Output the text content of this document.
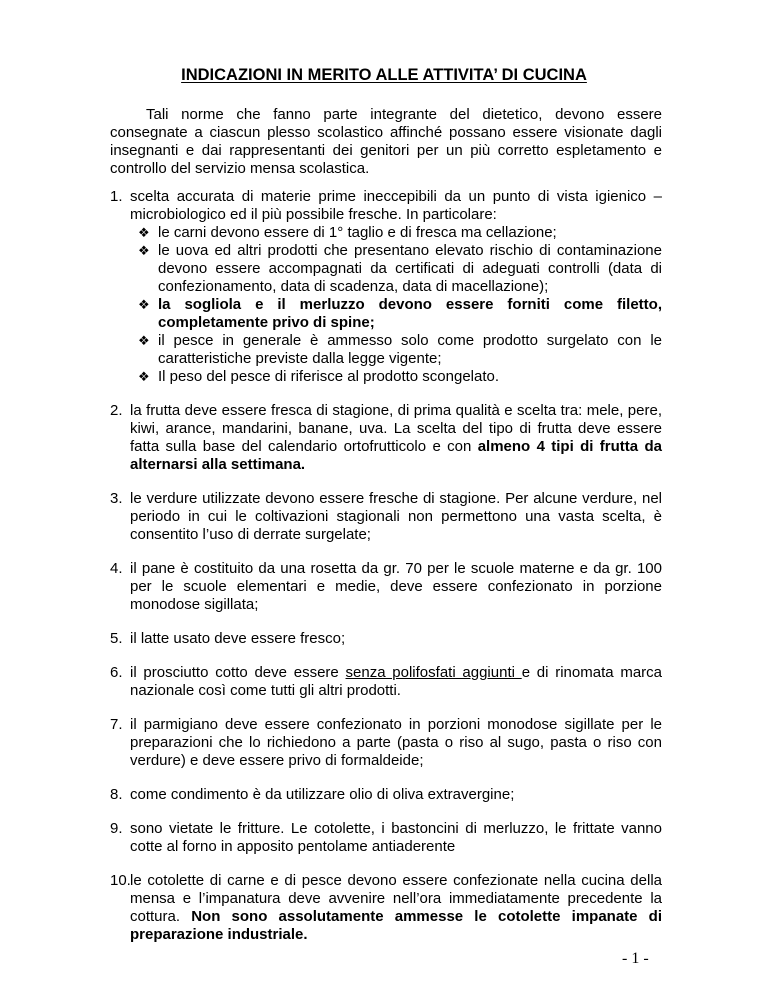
INDICAZIONI IN MERITO ALLE ATTIVITA’ DI CUCINA

Tali norme che fanno parte integrante del dietetico, devono essere consegnate a ciascun plesso scolastico affinché possano essere visionate dagli insegnanti e dai rappresentanti dei genitori per un più corretto espletamento e controllo del servizio mensa scolastica.

1. scelta accurata di materie prime ineccepibili da un punto di vista igienico – microbiologico ed il più possibile fresche. In particolare:
❖ le carni devono essere di 1° taglio e di fresca ma cellazione;
❖ le uova ed altri prodotti che presentano elevato rischio di contaminazione devono essere accompagnati da certificati di adeguati controlli (data di confezionamento, data di scadenza, data di macellazione);
❖ la sogliola e il merluzzo devono essere forniti come filetto, completamente privo di spine;
❖ il pesce in generale è ammesso solo come prodotto surgelato con le caratteristiche previste dalla legge vigente;
❖ Il peso del pesce di riferisce al prodotto scongelato.
2. la frutta deve essere fresca di stagione, di prima qualità e scelta tra: mele, pere, kiwi, arance, mandarini, banane, uva. La scelta del tipo di frutta deve essere fatta sulla base del calendario ortofrutticolo e con almeno 4 tipi di frutta da alternarsi alla settimana.
3. le verdure utilizzate devono essere fresche di stagione. Per alcune verdure, nel periodo in cui le coltivazioni stagionali non permettono una vasta scelta, è consentito l’uso di derrate surgelate;
4. il pane è costituito da una rosetta da gr. 70 per le scuole materne e da gr. 100 per le scuole elementari e medie, deve essere confezionato in porzione monodose sigillata;
5. il latte usato deve essere fresco;
6. il prosciutto cotto deve essere senza polifosfati aggiunti e di rinomata marca nazionale così come tutti gli altri prodotti.
7. il parmigiano deve essere confezionato in porzioni monodose sigillate per le preparazioni che lo richiedono a parte (pasta o riso al sugo, pasta o riso con verdure) e deve essere privo di formaldeide;
8. come condimento è da utilizzare olio di oliva extravergine;
9. sono vietate le fritture. Le cotolette, i bastoncini di merluzzo, le frittate vanno cotte al forno in apposito pentolame antiaderente
10. le cotolette di carne e di pesce devono essere confezionate nella cucina della mensa e l’impanatura deve avvenire nell’ora immediatamente precedente la cottura. Non sono assolutamente ammesse le cotolette impanate di preparazione industriale.
- 1 -
